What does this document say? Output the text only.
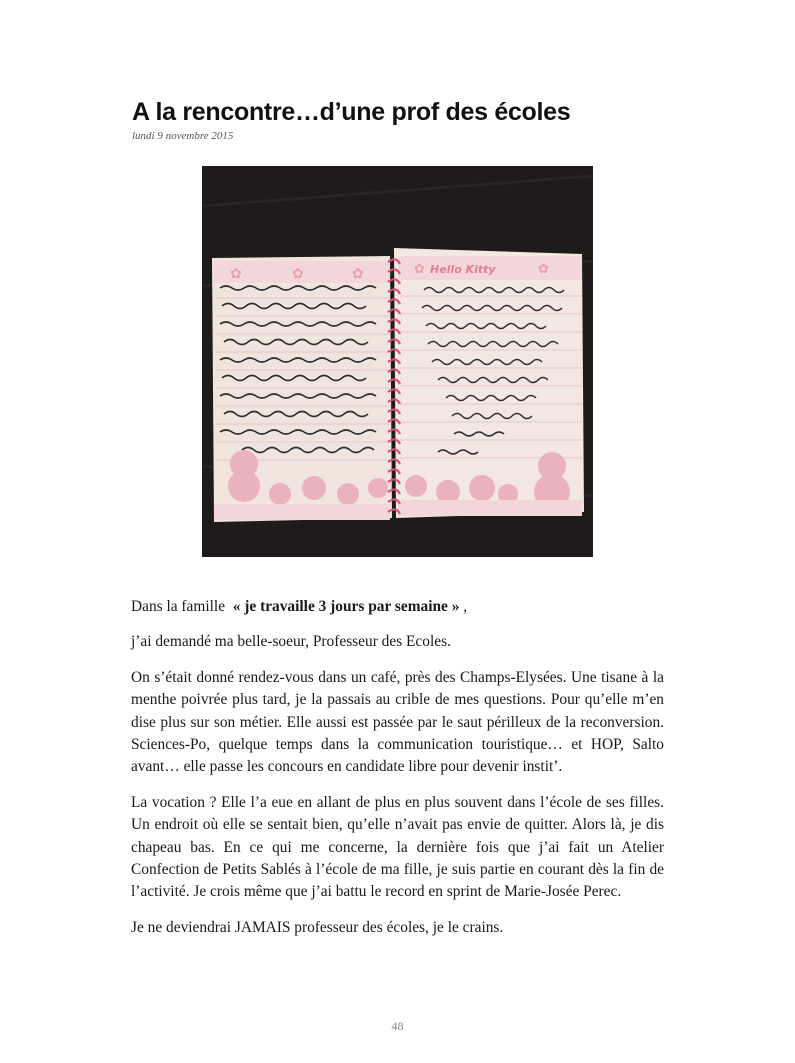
A la rencontre…d’une prof des écoles
lundi 9 novembre 2015
✿	✿	✿	Hello Kitty
✿	✿

Dans la famille « je travaille 3 jours par semaine » ,

j’ai demandé ma belle-soeur, Professeur des Ecoles.

On s’était donné rendez-vous dans un café, près des Champs-Elysées. Une tisane à la menthe poivrée plus tard, je la passais au crible de mes questions. Pour qu’elle m’en dise plus sur son métier. Elle aussi est passée par le saut périlleux de la reconversion. Sciences-Po, quelque temps dans la communication touristique… et HOP, Salto avant… elle passe les concours en candidate libre pour devenir instit’.

La vocation ? Elle l’a eue en allant de plus en plus souvent dans l’école de ses filles. Un endroit où elle se sentait bien, qu’elle n’avait pas envie de quitter. Alors là, je dis chapeau bas. En ce qui me concerne, la dernière fois que j’ai fait un Atelier Confection de Petits Sablés à l’école de ma fille, je suis partie en courant dès la fin de l’activité. Je crois même que j’ai battu le record en sprint de Marie-Josée Perec.

Je ne deviendrai JAMAIS professeur des écoles, je le crains.

48
